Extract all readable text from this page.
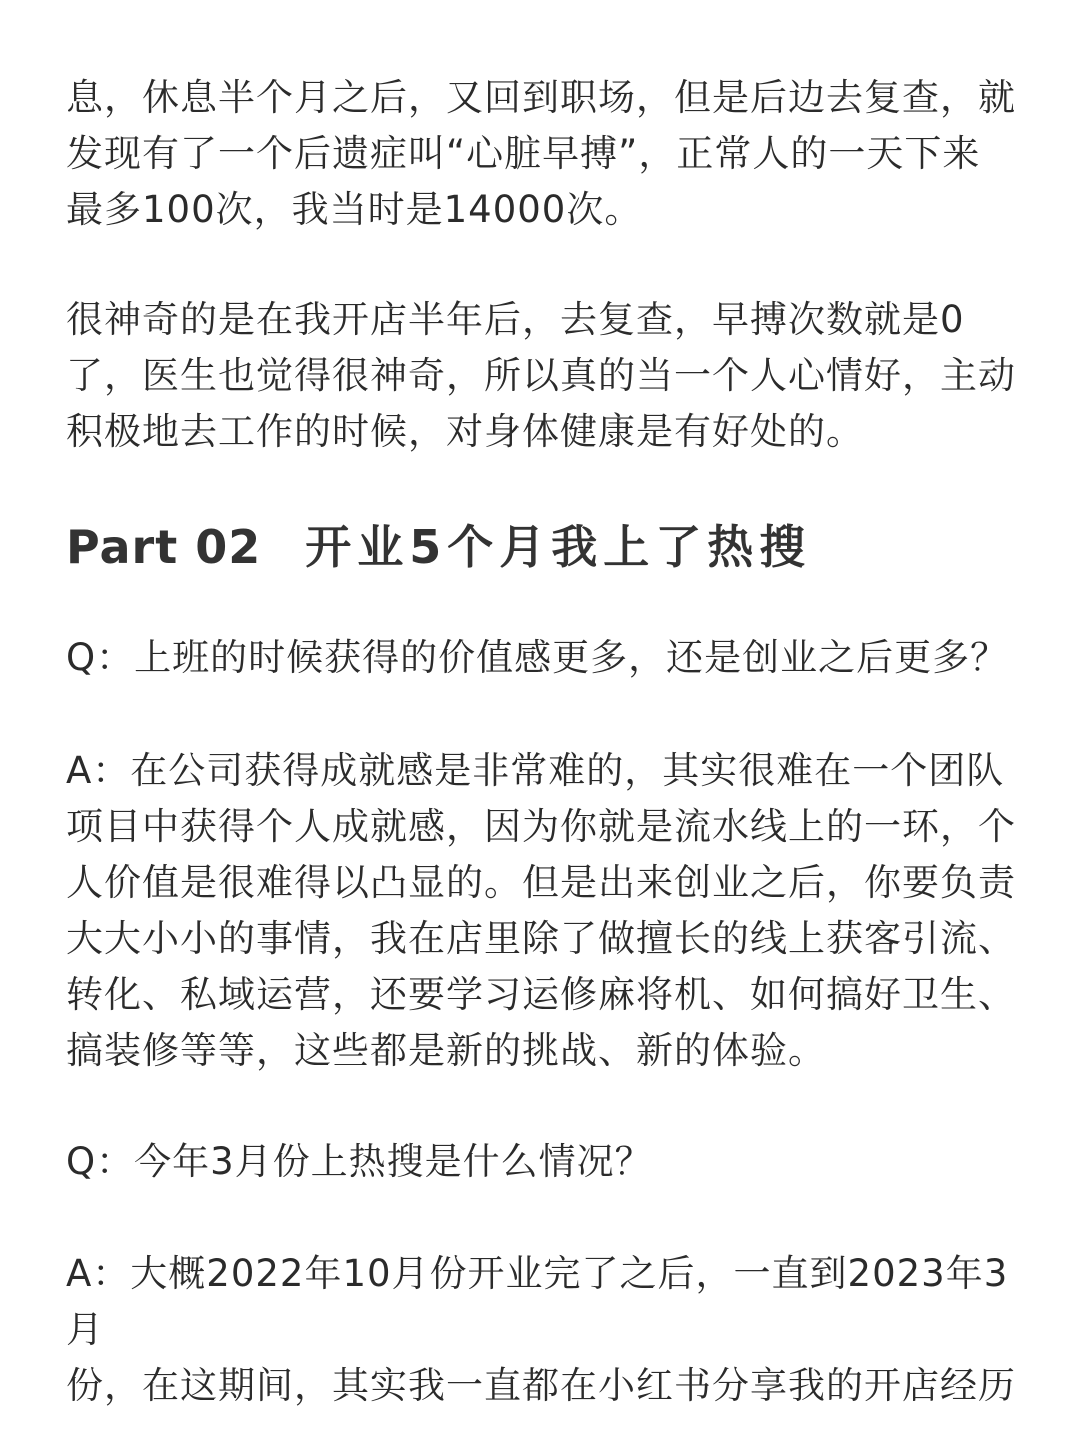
息，休息半个月之后，又回到职场，但是后边去复查，就
发现有了一个后遗症叫“心脏早搏”，正常人的一天下来
最多100次，我当时是14000次。

很神奇的是在我开店半年后，去复查，早搏次数就是0
了，医生也觉得很神奇，所以真的当一个人心情好，主动
积极地去工作的时候，对身体健康是有好处的。

Part 02 开业5个月我上了热搜

Q：上班的时候获得的价值感更多，还是创业之后更多？

A：在公司获得成就感是非常难的，其实很难在一个团队
项目中获得个人成就感，因为你就是流水线上的一环，个
人价值是很难得以凸显的。但是出来创业之后，你要负责
大大小小的事情，我在店里除了做擅长的线上获客引流、
转化、私域运营，还要学习运修麻将机、如何搞好卫生、
搞装修等等，这些都是新的挑战、新的体验。

Q：今年3月份上热搜是什么情况？

A：大概2022年10月份开业完了之后，一直到2023年3月
份，在这期间，其实我一直都在小红书分享我的开店经历
